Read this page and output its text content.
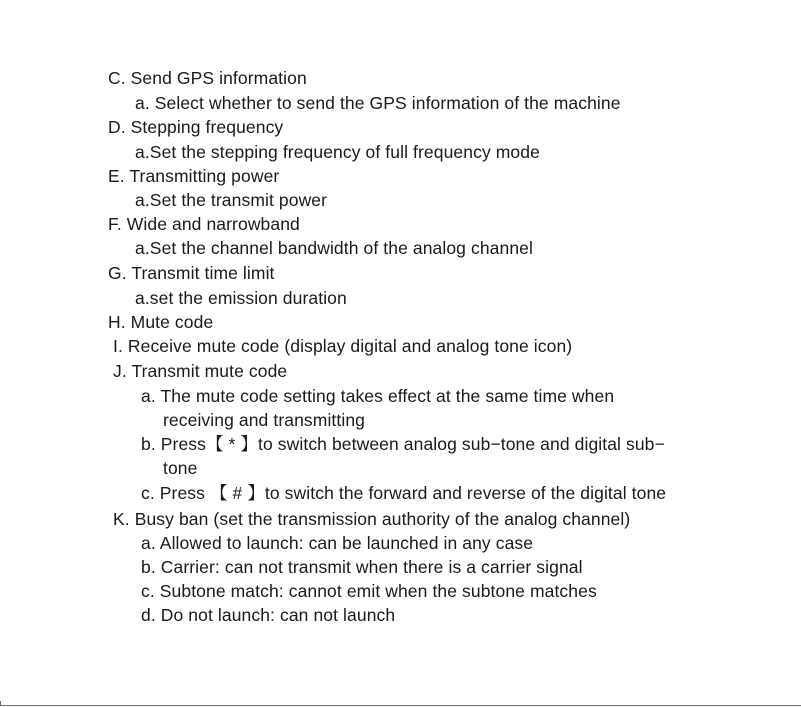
C. Send GPS information
a. Select whether to send the GPS information of the machine
D. Stepping frequency
a.Set the stepping frequency of full frequency mode
E. Transmitting power
a.Set the transmit power
F. Wide and narrowband
a.Set the channel bandwidth of the analog channel
G. Transmit time limit
a.set the emission duration
H. Mute code
I. Receive mute code (display digital and analog tone icon)
J. Transmit mute code
a. The mute code setting takes effect at the same time when
receiving and transmitting
b. Press【 * 】to switch between analog sub−tone and digital sub−
tone
c. Press 【 # 】to switch the forward and reverse of the digital tone
K. Busy ban (set the transmission authority of the analog channel)
a. Allowed to launch: can be launched in any case
b. Carrier: can not transmit when there is a carrier signal
c. Subtone match: cannot emit when the subtone matches
d. Do not launch: can not launch
